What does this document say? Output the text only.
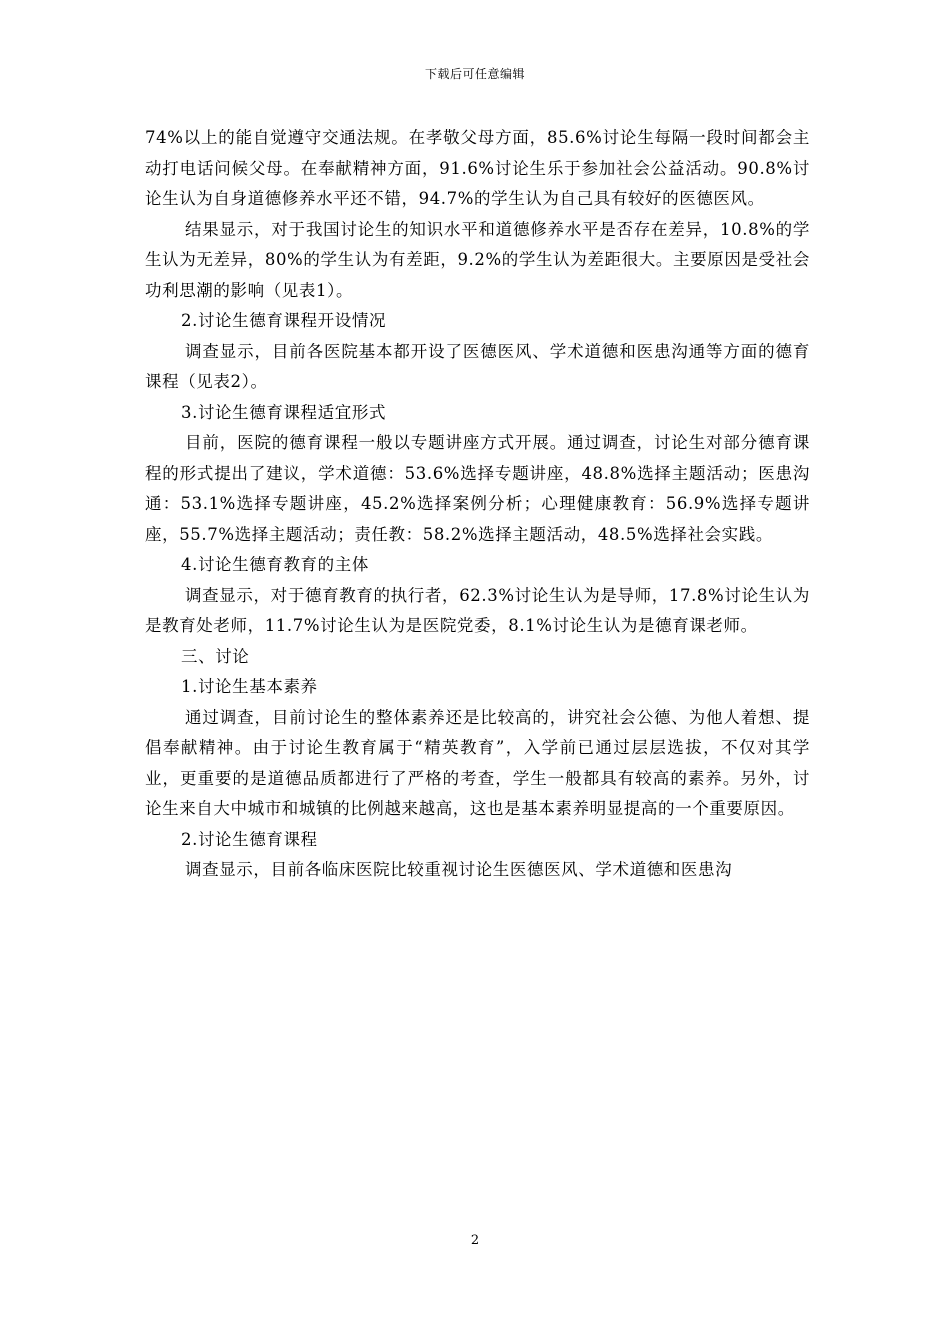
下载后可任意编辑

74%以上的能自觉遵守交通法规。在孝敬父母方面，85.6%讨论生每隔一段时间都会主动打电话问候父母。在奉献精神方面，91.6%讨论生乐于参加社会公益活动。90.8%讨论生认为自身道德修养水平还不错，94.7%的学生认为自己具有较好的医德医风。

结果显示，对于我国讨论生的知识水平和道德修养水平是否存在差异，10.8%的学生认为无差异，80%的学生认为有差距，9.2%的学生认为差距很大。主要原因是受社会功利思潮的影响（见表1）。

2.讨论生德育课程开设情况

调查显示，目前各医院基本都开设了医德医风、学术道德和医患沟通等方面的德育课程（见表2）。

3.讨论生德育课程适宜形式

目前，医院的德育课程一般以专题讲座方式开展。通过调查，讨论生对部分德育课程的形式提出了建议，学术道德：53.6%选择专题讲座，48.8%选择主题活动；医患沟通：53.1%选择专题讲座，45.2%选择案例分析；心理健康教育：56.9%选择专题讲座，55.7%选择主题活动；责任教：58.2%选择主题活动，48.5%选择社会实践。

4.讨论生德育教育的主体

调查显示，对于德育教育的执行者，62.3%讨论生认为是导师，17.8%讨论生认为是教育处老师，11.7%讨论生认为是医院党委，8.1%讨论生认为是德育课老师。

三、讨论

1.讨论生基本素养

通过调查，目前讨论生的整体素养还是比较高的，讲究社会公德、为他人着想、提倡奉献精神。由于讨论生教育属于“精英教育”，入学前已通过层层选拔，不仅对其学业，更重要的是道德品质都进行了严格的考查，学生一般都具有较高的素养。另外，讨论生来自大中城市和城镇的比例越来越高，这也是基本素养明显提高的一个重要原因。

2.讨论生德育课程

调查显示，目前各临床医院比较重视讨论生医德医风、学术道德和医患沟

2
